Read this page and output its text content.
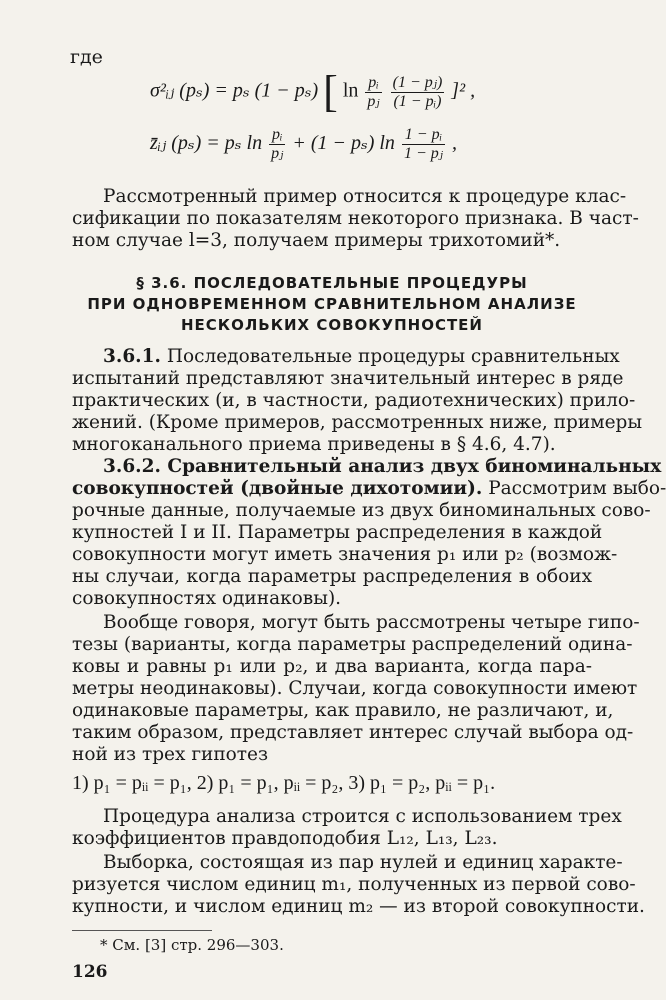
где
σ²ᵢⱼ (pₛ) = pₛ (1 − pₛ) [ $\ln \frac{\text{pᵢ}}{\text{pⱼ}}$
$\frac{\text{(1 − pⱼ)}}{\text{(1 − pᵢ)}} ]^2$ ,
z̄ᵢⱼ (pₛ) = pₛ $\ln \frac{\text{pᵢ}}{\text{pⱼ}} + (1 - p_s)$ $\ln \frac{\text{1 − pᵢ}}{\text{1 − pⱼ}}$ ,
Рассмотренный пример относится к процедуре клас-
сификации по показателям некоторого признака. В част-
ном случае l=3, получаем примеры трихотомий*.
§ 3.6. ПОСЛЕДОВАТЕЛЬНЫЕ ПРОЦЕДУРЫ
ПРИ ОДНОВРЕМЕННОМ СРАВНИТЕЛЬНОМ АНАЛИЗЕ
НЕСКОЛЬКИХ СОВОКУПНОСТЕЙ
3.6.1. Последовательные процедуры сравнительных
испытаний представляют значительный интерес в ряде
практических (и, в частности, радиотехнических) прило-
жений. (Кроме примеров, рассмотренных ниже, примеры
многоканального приема приведены в § 4.6, 4.7).
3.6.2. Сравнительный анализ двух биноминальных
совокупностей (двойные дихотомии). Рассмотрим выбо-
рочные данные, получаемые из двух биноминальных сово-
купностей I и II. Параметры распределения в каждой
совокупности могут иметь значения p₁ или p₂ (возмож-
ны случаи, когда параметры распределения в обоих
совокупностях одинаковы).
Вообще говоря, могут быть рассмотрены четыре гипо-
тезы (варианты, когда параметры распределений одина-
ковы и равны p₁ или p₂, и два варианта, когда пара-
метры неодинаковы). Случаи, когда совокупности имеют
одинаковые параметры, как правило, не различают, и,
таким образом, представляет интерес случай выбора од-
ной из трех гипотез
1) p₁ = pᵢᵢ = p₁, 2) p₁ = p₁, pᵢᵢ = p₂, 3) p₁ = p₂, pᵢᵢ = p₁.
Процедура анализа строится с использованием трех
коэффициентов правдоподобия L₁₂, L₁₃, L₂₃.
Выборка, состоящая из пар нулей и единиц характе-
ризуется числом единиц m₁, полученных из первой сово-
купности, и числом единиц m₂ — из второй совокупности.
* См. [3] стр. 296—303.
126
